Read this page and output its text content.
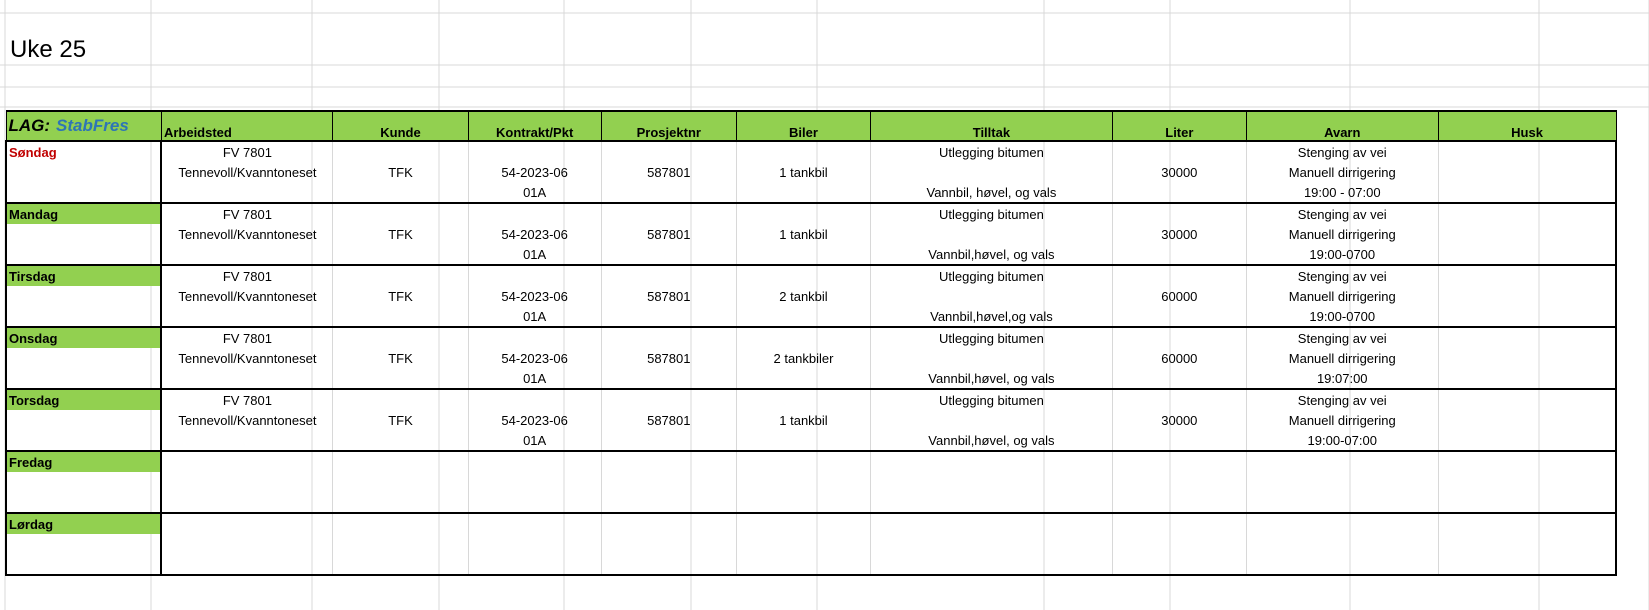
Uke 25
LAG: StabFres	Arbeidsted	Kunde	Kontrakt/Pkt	Prosjektnr	Biler	Tilltak	Liter	Avarn	Husk
Søndag	FV 7801					Utlegging bitumen		Stenging av vei	
	Tennevoll/Kvanntoneset	TFK	54-2023-06	587801	1 tankbil		30000	Manuell dirrigering	
			01A			Vannbil, høvel, og vals		19:00 - 07:00	
Mandag	FV 7801					Utlegging bitumen		Stenging av vei	
	Tennevoll/Kvanntoneset	TFK	54-2023-06	587801	1 tankbil		30000	Manuell dirrigering	
			01A			Vannbil,høvel, og vals		19:00-0700	
Tirsdag	FV 7801					Utlegging bitumen		Stenging av vei	
	Tennevoll/Kvanntoneset	TFK	54-2023-06	587801	2 tankbil		60000	Manuell dirrigering	
			01A			Vannbil,høvel,og vals		19:00-0700	
Onsdag	FV 7801					Utlegging bitumen		Stenging av vei	
	Tennevoll/Kvanntoneset	TFK	54-2023-06	587801	2 tankbiler		60000	Manuell dirrigering	
			01A			Vannbil,høvel, og vals		19:07:00	
Torsdag	FV 7801					Utlegging bitumen		Stenging av vei	
	Tennevoll/Kvanntoneset	TFK	54-2023-06	587801	1 tankbil		30000	Manuell dirrigering	
			01A			Vannbil,høvel, og vals		19:00-07:00	
Fredag									

Lørdag									
